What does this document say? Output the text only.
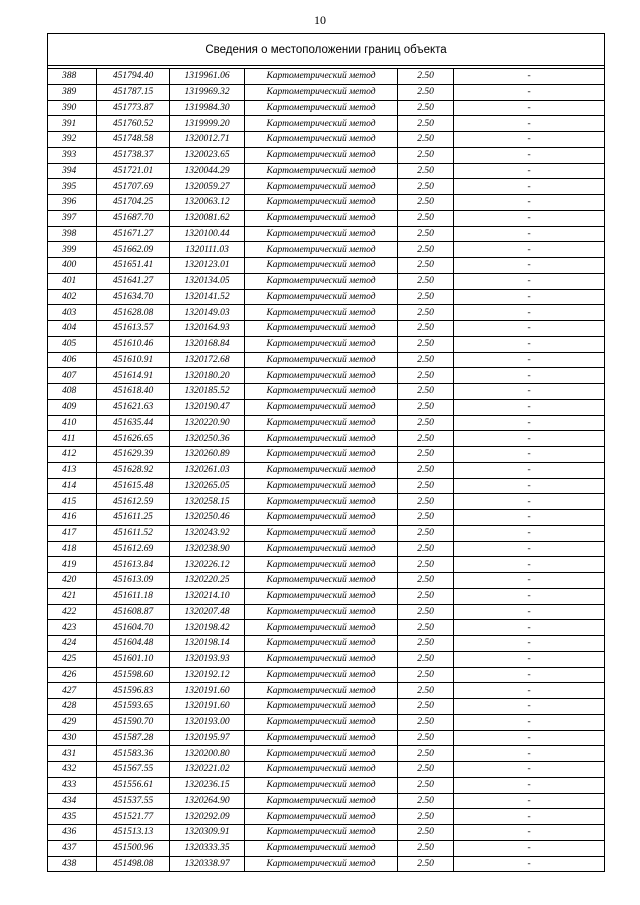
10
Сведения о местоположении границ объекта					

388	451794.40	1319961.06	Картометрический метод	2.50	-
389	451787.15	1319969.32	Картометрический метод	2.50	-
390	451773.87	1319984.30	Картометрический метод	2.50	-
391	451760.52	1319999.20	Картометрический метод	2.50	-
392	451748.58	1320012.71	Картометрический метод	2.50	-
393	451738.37	1320023.65	Картометрический метод	2.50	-
394	451721.01	1320044.29	Картометрический метод	2.50	-
395	451707.69	1320059.27	Картометрический метод	2.50	-
396	451704.25	1320063.12	Картометрический метод	2.50	-
397	451687.70	1320081.62	Картометрический метод	2.50	-
398	451671.27	1320100.44	Картометрический метод	2.50	-
399	451662.09	1320111.03	Картометрический метод	2.50	-
400	451651.41	1320123.01	Картометрический метод	2.50	-
401	451641.27	1320134.05	Картометрический метод	2.50	-
402	451634.70	1320141.52	Картометрический метод	2.50	-
403	451628.08	1320149.03	Картометрический метод	2.50	-
404	451613.57	1320164.93	Картометрический метод	2.50	-
405	451610.46	1320168.84	Картометрический метод	2.50	-
406	451610.91	1320172.68	Картометрический метод	2.50	-
407	451614.91	1320180.20	Картометрический метод	2.50	-
408	451618.40	1320185.52	Картометрический метод	2.50	-
409	451621.63	1320190.47	Картометрический метод	2.50	-
410	451635.44	1320220.90	Картометрический метод	2.50	-
411	451626.65	1320250.36	Картометрический метод	2.50	-
412	451629.39	1320260.89	Картометрический метод	2.50	-
413	451628.92	1320261.03	Картометрический метод	2.50	-
414	451615.48	1320265.05	Картометрический метод	2.50	-
415	451612.59	1320258.15	Картометрический метод	2.50	-
416	451611.25	1320250.46	Картометрический метод	2.50	-
417	451611.52	1320243.92	Картометрический метод	2.50	-
418	451612.69	1320238.90	Картометрический метод	2.50	-
419	451613.84	1320226.12	Картометрический метод	2.50	-
420	451613.09	1320220.25	Картометрический метод	2.50	-
421	451611.18	1320214.10	Картометрический метод	2.50	-
422	451608.87	1320207.48	Картометрический метод	2.50	-
423	451604.70	1320198.42	Картометрический метод	2.50	-
424	451604.48	1320198.14	Картометрический метод	2.50	-
425	451601.10	1320193.93	Картометрический метод	2.50	-
426	451598.60	1320192.12	Картометрический метод	2.50	-
427	451596.83	1320191.60	Картометрический метод	2.50	-
428	451593.65	1320191.60	Картометрический метод	2.50	-
429	451590.70	1320193.00	Картометрический метод	2.50	-
430	451587.28	1320195.97	Картометрический метод	2.50	-
431	451583.36	1320200.80	Картометрический метод	2.50	-
432	451567.55	1320221.02	Картометрический метод	2.50	-
433	451556.61	1320236.15	Картометрический метод	2.50	-
434	451537.55	1320264.90	Картометрический метод	2.50	-
435	451521.77	1320292.09	Картометрический метод	2.50	-
436	451513.13	1320309.91	Картометрический метод	2.50	-
437	451500.96	1320333.35	Картометрический метод	2.50	-
438	451498.08	1320338.97	Картометрический метод	2.50	-
